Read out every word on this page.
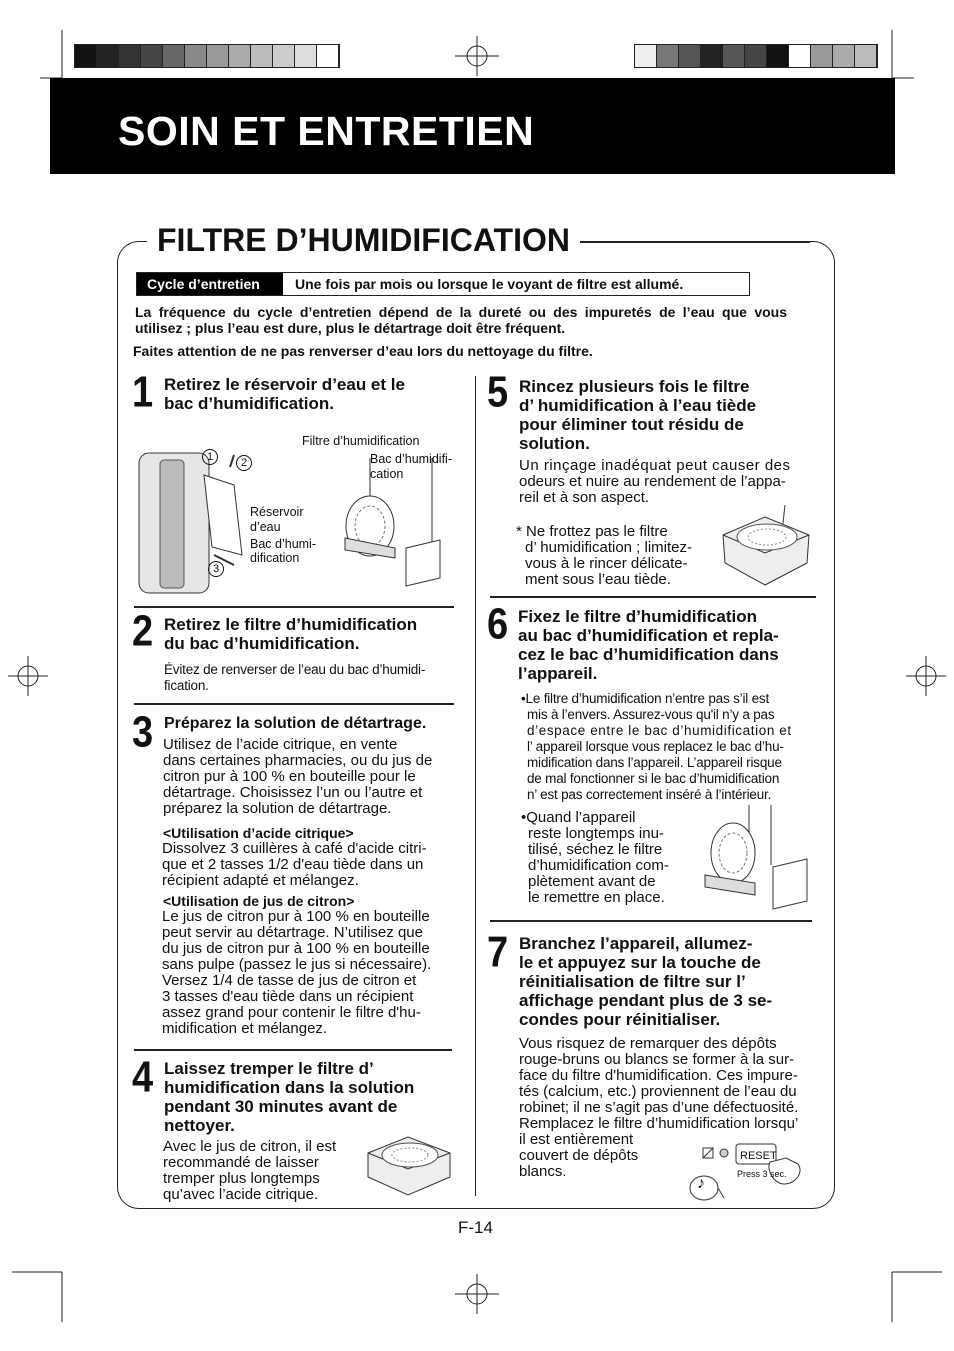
SOIN ET ENTRETIEN
FILTRE D’HUMIDIFICATION
Cycle d’entretien	Une fois par mois ou lorsque le voyant de filtre est allumé.
La fréquence du cycle d’entretien dépend de la dureté ou des impuretés de l’eau que vous
utilisez ; plus l’eau est dure, plus le détartrage doit être fréquent.
Faites attention de ne pas renverser d’eau lors du nettoyage du filtre.
1 Retirez le réservoir d’eau et le
bac d’humidification.
1	2
3
Réservoir
d’eau
Bac d’humi-
dification
Filtre d’humidification
Bac d’humidifi-
cation
2 Retirez le filtre d’humidification
du bac d’humidification.
Évitez de renverser de l’eau du bac d’humidi-
fication.
3 Préparez la solution de détartrage.
Utilisez de l’acide citrique, en vente
dans certaines pharmacies, ou du jus de
citron pur à 100 % en bouteille pour le
détartrage. Choisissez l’un ou l’autre et
préparez la solution de détartrage.
<Utilisation d’acide citrique>
Dissolvez 3 cuillères à café d'acide citri-
que et 2 tasses 1/2 d'eau tiède dans un
récipient adapté et mélangez.
<Utilisation de jus de citron>
Le jus de citron pur à 100 % en bouteille
peut servir au détartrage. N’utilisez que
du jus de citron pur à 100 % en bouteille
sans pulpe (passez le jus si nécessaire).
Versez 1/4 de tasse de jus de citron et
3 tasses d'eau tiède dans un récipient
assez grand pour contenir le filtre d'hu-
midification et mélangez.
4 Laissez tremper le filtre d’
humidification dans la solution
pendant 30 minutes avant de
nettoyer.
Avec le jus de citron, il est
recommandé de laisser
tremper plus longtemps
qu’avec l’acide citrique.
5 Rincez plusieurs fois le filtre
d’ humidification à l’eau tiède
pour éliminer tout résidu de
solution.
Un rinçage inadéquat peut causer des
odeurs et nuire au rendement de l’appa-
reil et à son aspect.
* Ne frottez pas le filtre
d’ humidification ; limitez-
vous à le rincer délicate-
ment sous l’eau tiède.
6 Fixez le filtre d’humidification
au bac d’humidification et repla-
cez le bac d’humidification dans
l’appareil.
•Le filtre d’humidification n’entre pas s’il est
mis à l’envers. Assurez-vous qu'il n’y a pas
d’espace entre le bac d’humidification et
l’ appareil lorsque vous replacez le bac d’hu-
midification dans l’appareil. L’appareil risque
de mal fonctionner si le bac d’humidification
n’ est pas correctement inséré à l’intérieur.
•Quand l’appareil
reste longtemps inu-
tilisé, séchez le filtre
d’humidification com-
plètement avant de
le remettre en place.
7 Branchez l’appareil, allumez-
le et appuyez sur la touche de
réinitialisation de filtre sur l’
affichage pendant plus de 3 se-
condes pour réinitialiser.
Vous risquez de remarquer des dépôts
rouge-bruns ou blancs se former à la sur-
face du filtre d'humidification. Ces impure-
tés (calcium, etc.) proviennent de l’eau du
robinet; il ne s’agit pas d’une défectuosité.
Remplacez le filtre d’humidification lorsqu’
il est entièrement
couvert de dépôts
blancs.
RESET
Press 3 sec.
♪
F-14
